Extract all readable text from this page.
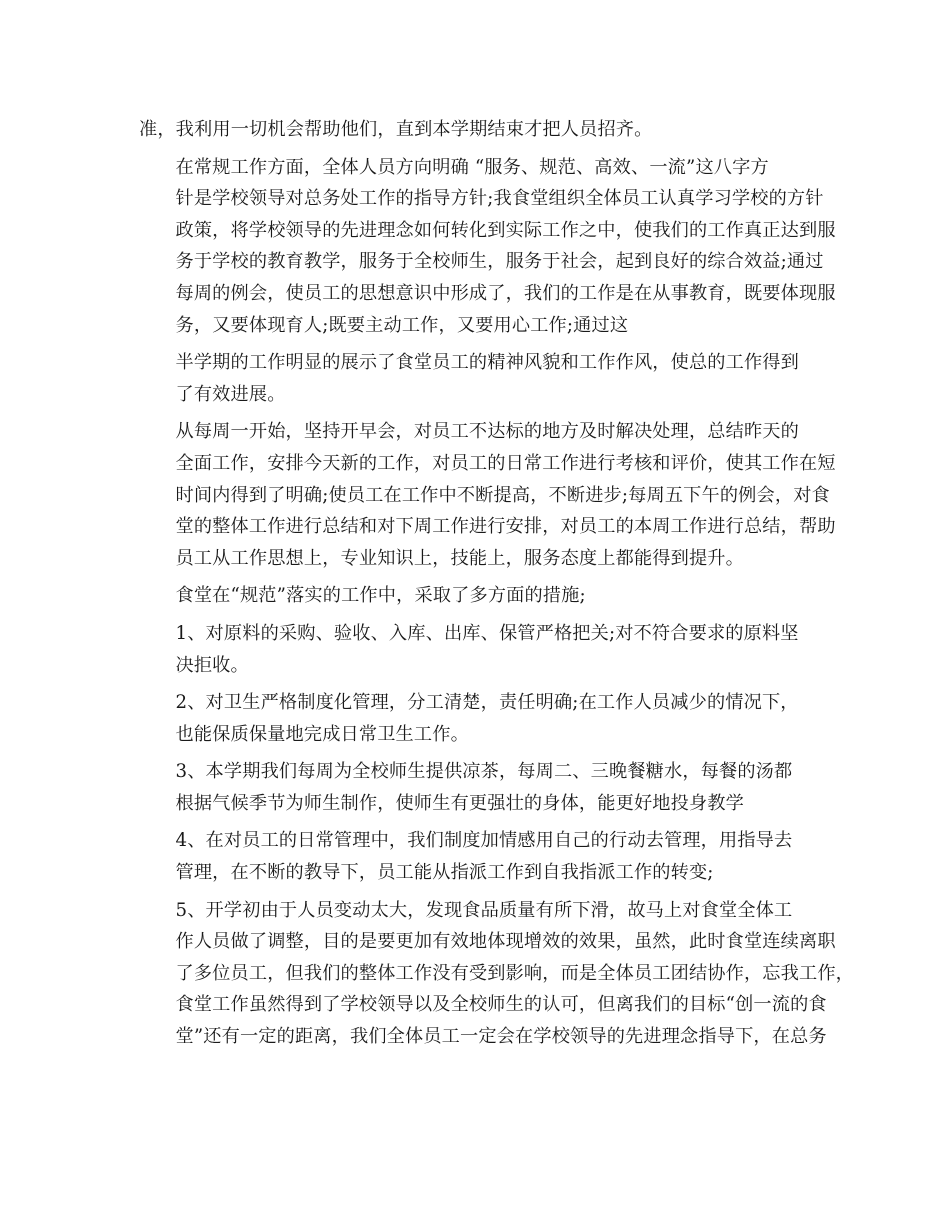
准，我利用一切机会帮助他们，直到本学期结束才把人员招齐。

在常规工作方面，全体人员方向明确 “服务、规范、高效、一流”这八字方
针是学校领导对总务处工作的指导方针;我食堂组织全体员工认真学习学校的方针
政策，将学校领导的先进理念如何转化到实际工作之中，使我们的工作真正达到服
务于学校的教育教学，服务于全校师生，服务于社会，起到良好的综合效益;通过
每周的例会，使员工的思想意识中形成了，我们的工作是在从事教育，既要体现服
务，又要体现育人;既要主动工作，又要用心工作;通过这

半学期的工作明显的展示了食堂员工的精神风貌和工作作风，使总的工作得到
了有效进展。

从每周一开始，坚持开早会，对员工不达标的地方及时解决处理，总结昨天的
全面工作，安排今天新的工作，对员工的日常工作进行考核和评价，使其工作在短
时间内得到了明确;使员工在工作中不断提高，不断进步;每周五下午的例会，对食
堂的整体工作进行总结和对下周工作进行安排，对员工的本周工作进行总结，帮助
员工从工作思想上，专业知识上，技能上，服务态度上都能得到提升。

食堂在“规范”落实的工作中，采取了多方面的措施;

1、对原料的采购、验收、入库、出库、保管严格把关;对不符合要求的原料坚
决拒收。

2、对卫生严格制度化管理，分工清楚，责任明确;在工作人员减少的情况下，
也能保质保量地完成日常卫生工作。

3、本学期我们每周为全校师生提供凉茶，每周二、三晚餐糖水，每餐的汤都
根据气候季节为师生制作，使师生有更强壮的身体，能更好地投身教学

4、在对员工的日常管理中，我们制度加情感用自己的行动去管理，用指导去
管理，在不断的教导下，员工能从指派工作到自我指派工作的转变;

5、开学初由于人员变动太大，发现食品质量有所下滑，故马上对食堂全体工
作人员做了调整，目的是要更加有效地体现增效的效果，虽然，此时食堂连续离职
了多位员工，但我们的整体工作没有受到影响，而是全体员工团结协作，忘我工作，
食堂工作虽然得到了学校领导以及全校师生的认可，但离我们的目标“创一流的食
堂”还有一定的距离，我们全体员工一定会在学校领导的先进理念指导下，在总务
